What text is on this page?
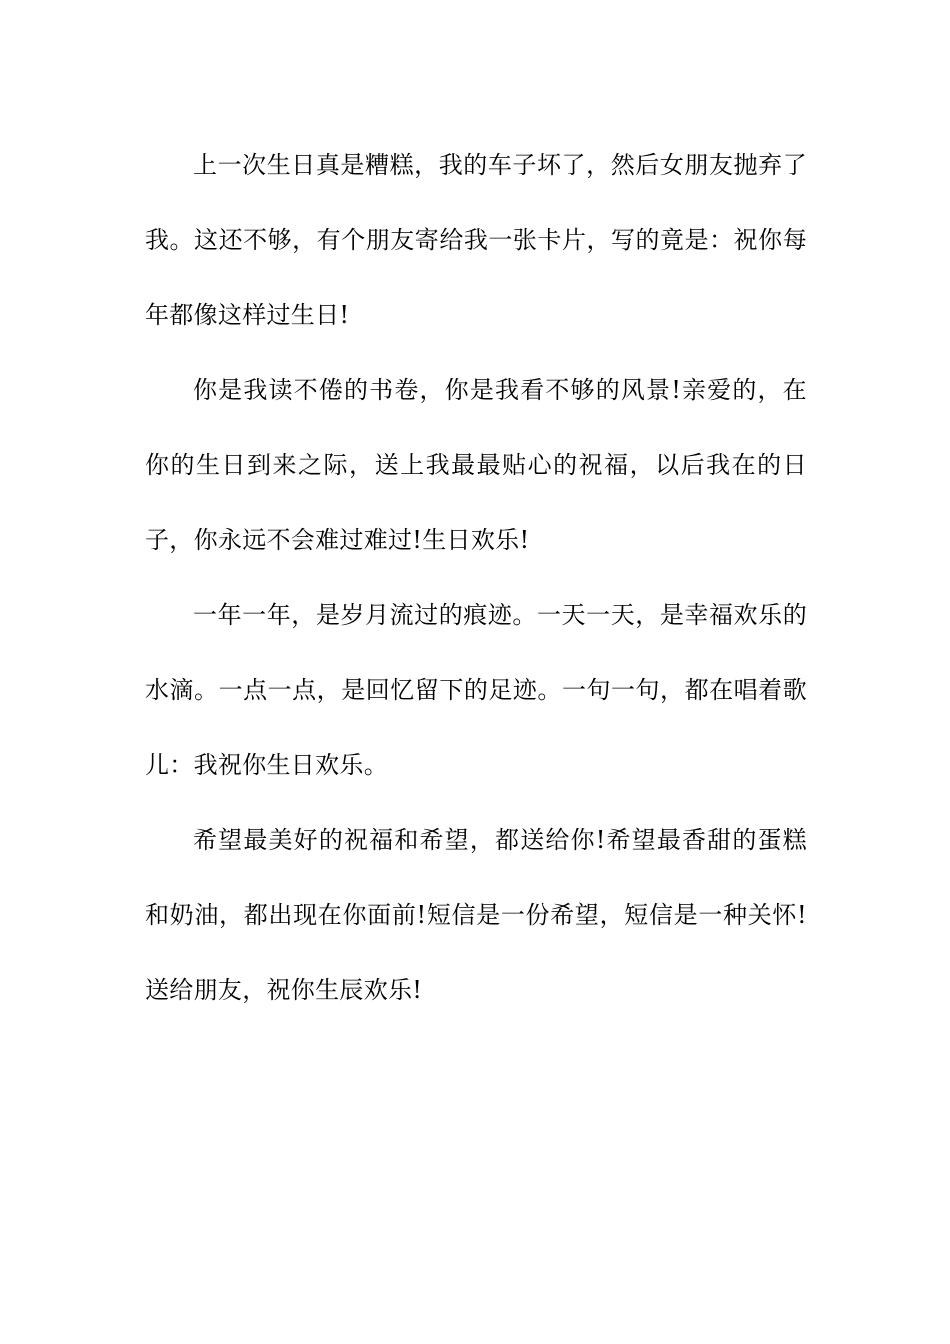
上一次生日真是糟糕，我的车子坏了，然后女朋友抛弃了我。这还不够，有个朋友寄给我一张卡片，写的竟是：祝你每年都像这样过生日!

你是我读不倦的书卷，你是我看不够的风景!亲爱的，在你的生日到来之际，送上我最最贴心的祝福，以后我在的日子，你永远不会难过难过!生日欢乐!

一年一年，是岁月流过的痕迹。一天一天，是幸福欢乐的水滴。一点一点，是回忆留下的足迹。一句一句，都在唱着歌儿：我祝你生日欢乐。

希望最美好的祝福和希望，都送给你!希望最香甜的蛋糕和奶油，都出现在你面前!短信是一份希望，短信是一种关怀!送给朋友，祝你生辰欢乐!
